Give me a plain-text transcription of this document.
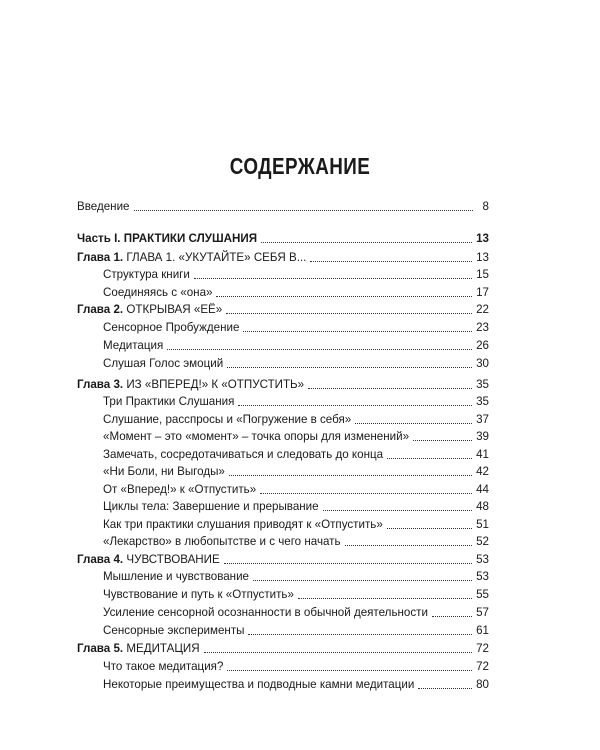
СОДЕРЖАНИЕ
Введение	8
Часть I. ПРАКТИКИ СЛУШАНИЯ	13
Глава 1. ГЛАВА 1. «УКУТАЙТЕ» СЕБЯ В...	13
Структура книги	15
Соединяясь с «она»	17
Глава 2. ОТКРЫВАЯ «ЕЁ»	22
Сенсорное Пробуждение	23
Медитация	26
Слушая Голос эмоций	30
Глава 3. ИЗ «ВПЕРЕД!» К «ОТПУСТИТЬ»	35
Три Практики Слушания	35
Слушание, расспросы и «Погружение в себя»	37
«Момент – это «момент» – точка опоры для изменений»	39
Замечать, сосредотачиваться и следовать до конца	41
«Ни Боли, ни Выгоды»	42
От «Вперед!» к «Отпустить»	44
Циклы тела: Завершение и прерывание	48
Как три практики слушания приводят к «Отпустить»	51
«Лекарство» в любопытстве и с чего начать	52
Глава 4. ЧУВСТВОВАНИЕ	53
Мышление и чувствование	53
Чувствование и путь к «Отпустить»	55
Усиление сенсорной осознанности в обычной деятельности	57
Сенсорные эксперименты	61
Глава 5. МЕДИТАЦИЯ	72
Что такое медитация?	72
Некоторые преимущества и подводные камни медитации	80
